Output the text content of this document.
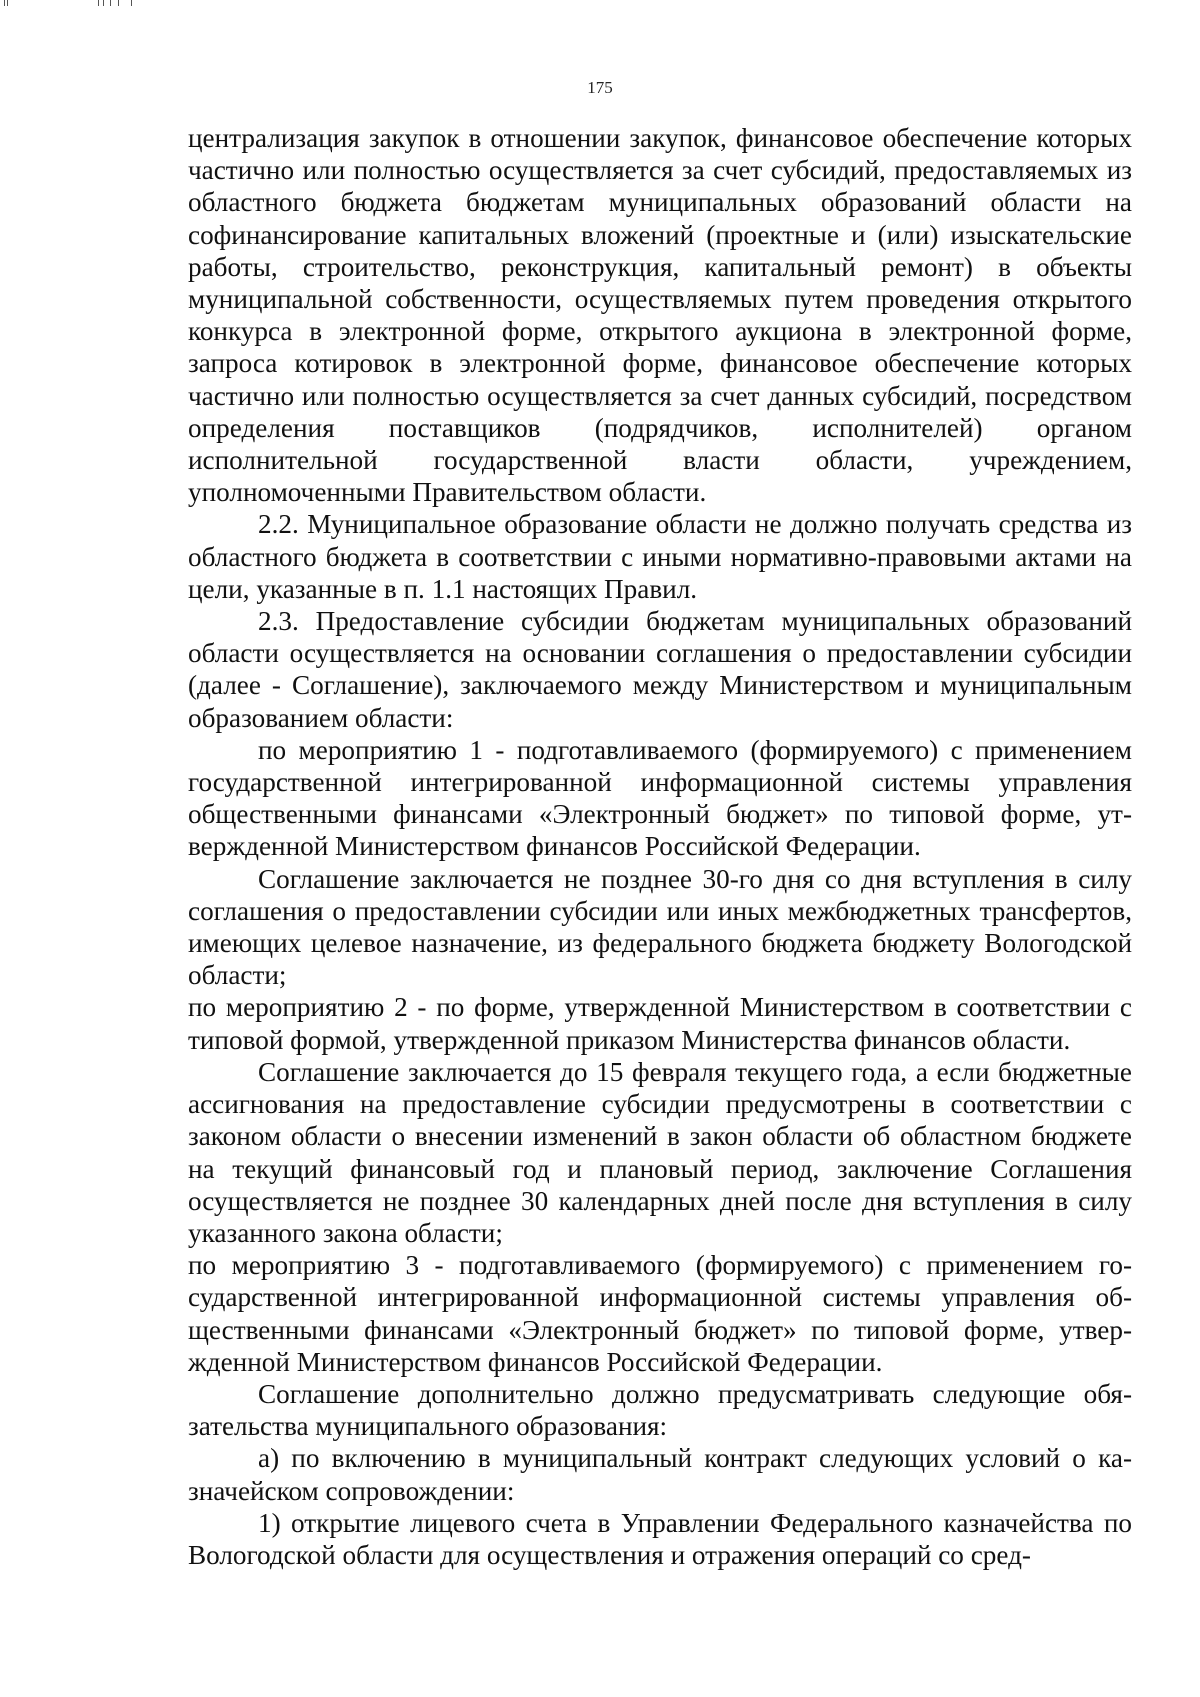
175

централизация закупок в отношении закупок, финансовое обеспечение которых частично или полностью осуществляется за счет субсидий, предоставляемых из областного бюджета бюджетам муниципальных образований области на софинансирование капитальных вложений (проектные и (или) изыскательские работы, строительство, реконструкция, капитальный ремонт) в объекты муниципальной собственности, осуществляемых путем проведения открытого конкурса в электронной форме, открытого аукциона в электронной форме, запроса котировок в электронной форме, финансовое обеспечение которых частично или полностью осуществляется за счет данных субсидий, посредством определения поставщиков (подрядчиков, исполнителей) органом исполнительной государственной власти области, учреждением, уполномоченными Правительством области.

2.2. Муниципальное образование области не должно получать средства из областного бюджета в соответствии с иными нормативно-правовыми актами на цели, указанные в п. 1.1 настоящих Правил.

2.3. Предоставление субсидии бюджетам муниципальных образований области осуществляется на основании соглашения о предоставлении субсидии (далее - Соглашение), заключаемого между Министерством и муниципальным образованием области:

по мероприятию 1 - подготавливаемого (формируемого) с применением государственной интегрированной информационной системы управления общественными финансами «Электронный бюджет» по типовой форме, утвержденной Министерством финансов Российской Федерации.

Соглашение заключается не позднее 30-го дня со дня вступления в силу соглашения о предоставлении субсидии или иных межбюджетных трансфертов, имеющих целевое назначение, из федерального бюджета бюджету Вологодской области;

по мероприятию 2 - по форме, утвержденной Министерством в соответствии с типовой формой, утвержденной приказом Министерства финансов области.

Соглашение заключается до 15 февраля текущего года, а если бюджетные ассигнования на предоставление субсидии предусмотрены в соответствии с законом области о внесении изменений в закон области об областном бюджете на текущий финансовый год и плановый период, заключение Соглашения осуществляется не позднее 30 календарных дней после дня вступления в силу указанного закона области;

по мероприятию 3 - подготавливаемого (формируемого) с применением государственной интегрированной информационной системы управления общественными финансами «Электронный бюджет» по типовой форме, утвержденной Министерством финансов Российской Федерации.

Соглашение дополнительно должно предусматривать следующие обязательства муниципального образования:

а) по включению в муниципальный контракт следующих условий о казначейском сопровождении:

1) открытие лицевого счета в Управлении Федерального казначейства по Вологодской области для осуществления и отражения операций со сред-
